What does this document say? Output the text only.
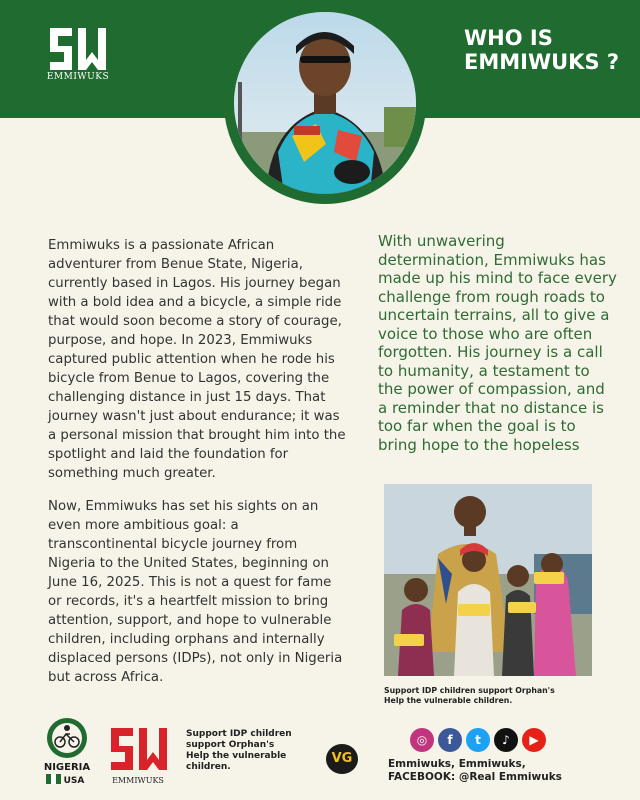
EMMIWUKS
WHO IS
EMMIWUKS ?

Emmiwuks is a passionate African adventurer from Benue State, Nigeria, currently based in Lagos. His journey began with a bold idea and a bicycle, a simple ride that would soon become a story of courage, purpose, and hope. In 2023, Emmiwuks captured public attention when he rode his bicycle from Benue to Lagos, covering the challenging distance in just 15 days. That journey wasn't just about endurance; it was a personal mission that brought him into the spotlight and laid the foundation for something much greater.

Now, Emmiwuks has set his sights on an even more ambitious goal: a transcontinental bicycle journey from Nigeria to the United States, beginning on June 16, 2025. This is not a quest for fame or records, it's a heartfelt mission to bring attention, support, and hope to vulnerable children, including orphans and internally displaced persons (IDPs), not only in Nigeria but across Africa.

With unwavering determination, Emmiwuks has made up his mind to face every challenge from rough roads to uncertain terrains, all to give a voice to those who are often forgotten. His journey is a call to humanity, a testament to the power of compassion, and a reminder that no distance is too far when the goal is to bring hope to the hopeless

Support IDP children support Orphan's
Help the vulnerable children.
NIGERIA
USA	EMMIWUKS
Support IDP children
support Orphan's
Help the vulnerable
children.
VG
◎	f	t	♪	▶
Emmiwuks, Emmiwuks,
FACEBOOK: @Real Emmiwuks
